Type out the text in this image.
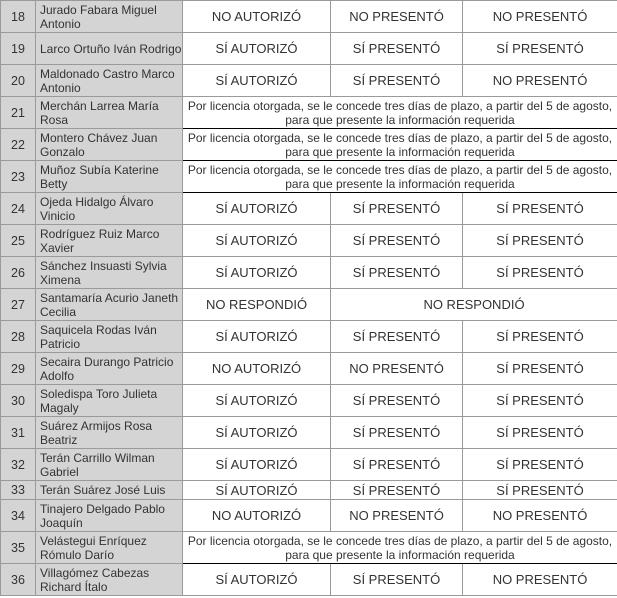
18	Jurado Fabara Miguel Antonio	NO AUTORIZÓ	NO PRESENTÓ	NO PRESENTÓ
19	Larco Ortuño Iván Rodrigo	SÍ AUTORIZÓ	SÍ PRESENTÓ	SÍ PRESENTÓ
20	Maldonado Castro Marco Antonio	SÍ AUTORIZÓ	SÍ PRESENTÓ	NO PRESENTÓ
21	Merchán Larrea María Rosa	Por licencia otorgada, se le concede tres días de plazo, a partir del 5 de agosto, para que presente la información requerida		
22	Montero Chávez Juan Gonzalo	Por licencia otorgada, se le concede tres días de plazo, a partir del 5 de agosto, para que presente la información requerida		
23	Muñoz Subía Katerine Betty	Por licencia otorgada, se le concede tres días de plazo, a partir del 5 de agosto, para que presente la información requerida		
24	Ojeda Hidalgo Álvaro Vinicio	SÍ AUTORIZÓ	SÍ PRESENTÓ	SÍ PRESENTÓ
25	Rodríguez Ruiz Marco Xavier	SÍ AUTORIZÓ	SÍ PRESENTÓ	SÍ PRESENTÓ
26	Sánchez Insuasti Sylvia Ximena	SÍ AUTORIZÓ	SÍ PRESENTÓ	SÍ PRESENTÓ
27	Santamaría Acurio Janeth Cecilia	NO RESPONDIÓ	NO RESPONDIÓ	
28	Saquicela Rodas Iván Patricio	SÍ AUTORIZÓ	SÍ PRESENTÓ	SÍ PRESENTÓ
29	Secaira Durango Patricio Adolfo	NO AUTORIZÓ	NO PRESENTÓ	SÍ PRESENTÓ
30	Soledispa Toro Julieta Magaly	SÍ AUTORIZÓ	SÍ PRESENTÓ	SÍ PRESENTÓ
31	Suárez Armijos Rosa Beatriz	SÍ AUTORIZÓ	SÍ PRESENTÓ	SÍ PRESENTÓ
32	Terán Carrillo Wilman Gabriel	SÍ AUTORIZÓ	SÍ PRESENTÓ	SÍ PRESENTÓ
33	Terán Suárez José Luis	SÍ AUTORIZÓ	SÍ PRESENTÓ	SÍ PRESENTÓ
34	Tinajero Delgado Pablo Joaquín	NO AUTORIZÓ	NO PRESENTÓ	NO PRESENTÓ
35	Velástegui Enríquez Rómulo Darío	Por licencia otorgada, se le concede tres días de plazo, a partir del 5 de agosto, para que presente la información requerida		
36	Villagómez Cabezas Richard Ítalo	SÍ AUTORIZÓ	SÍ PRESENTÓ	NO PRESENTÓ
